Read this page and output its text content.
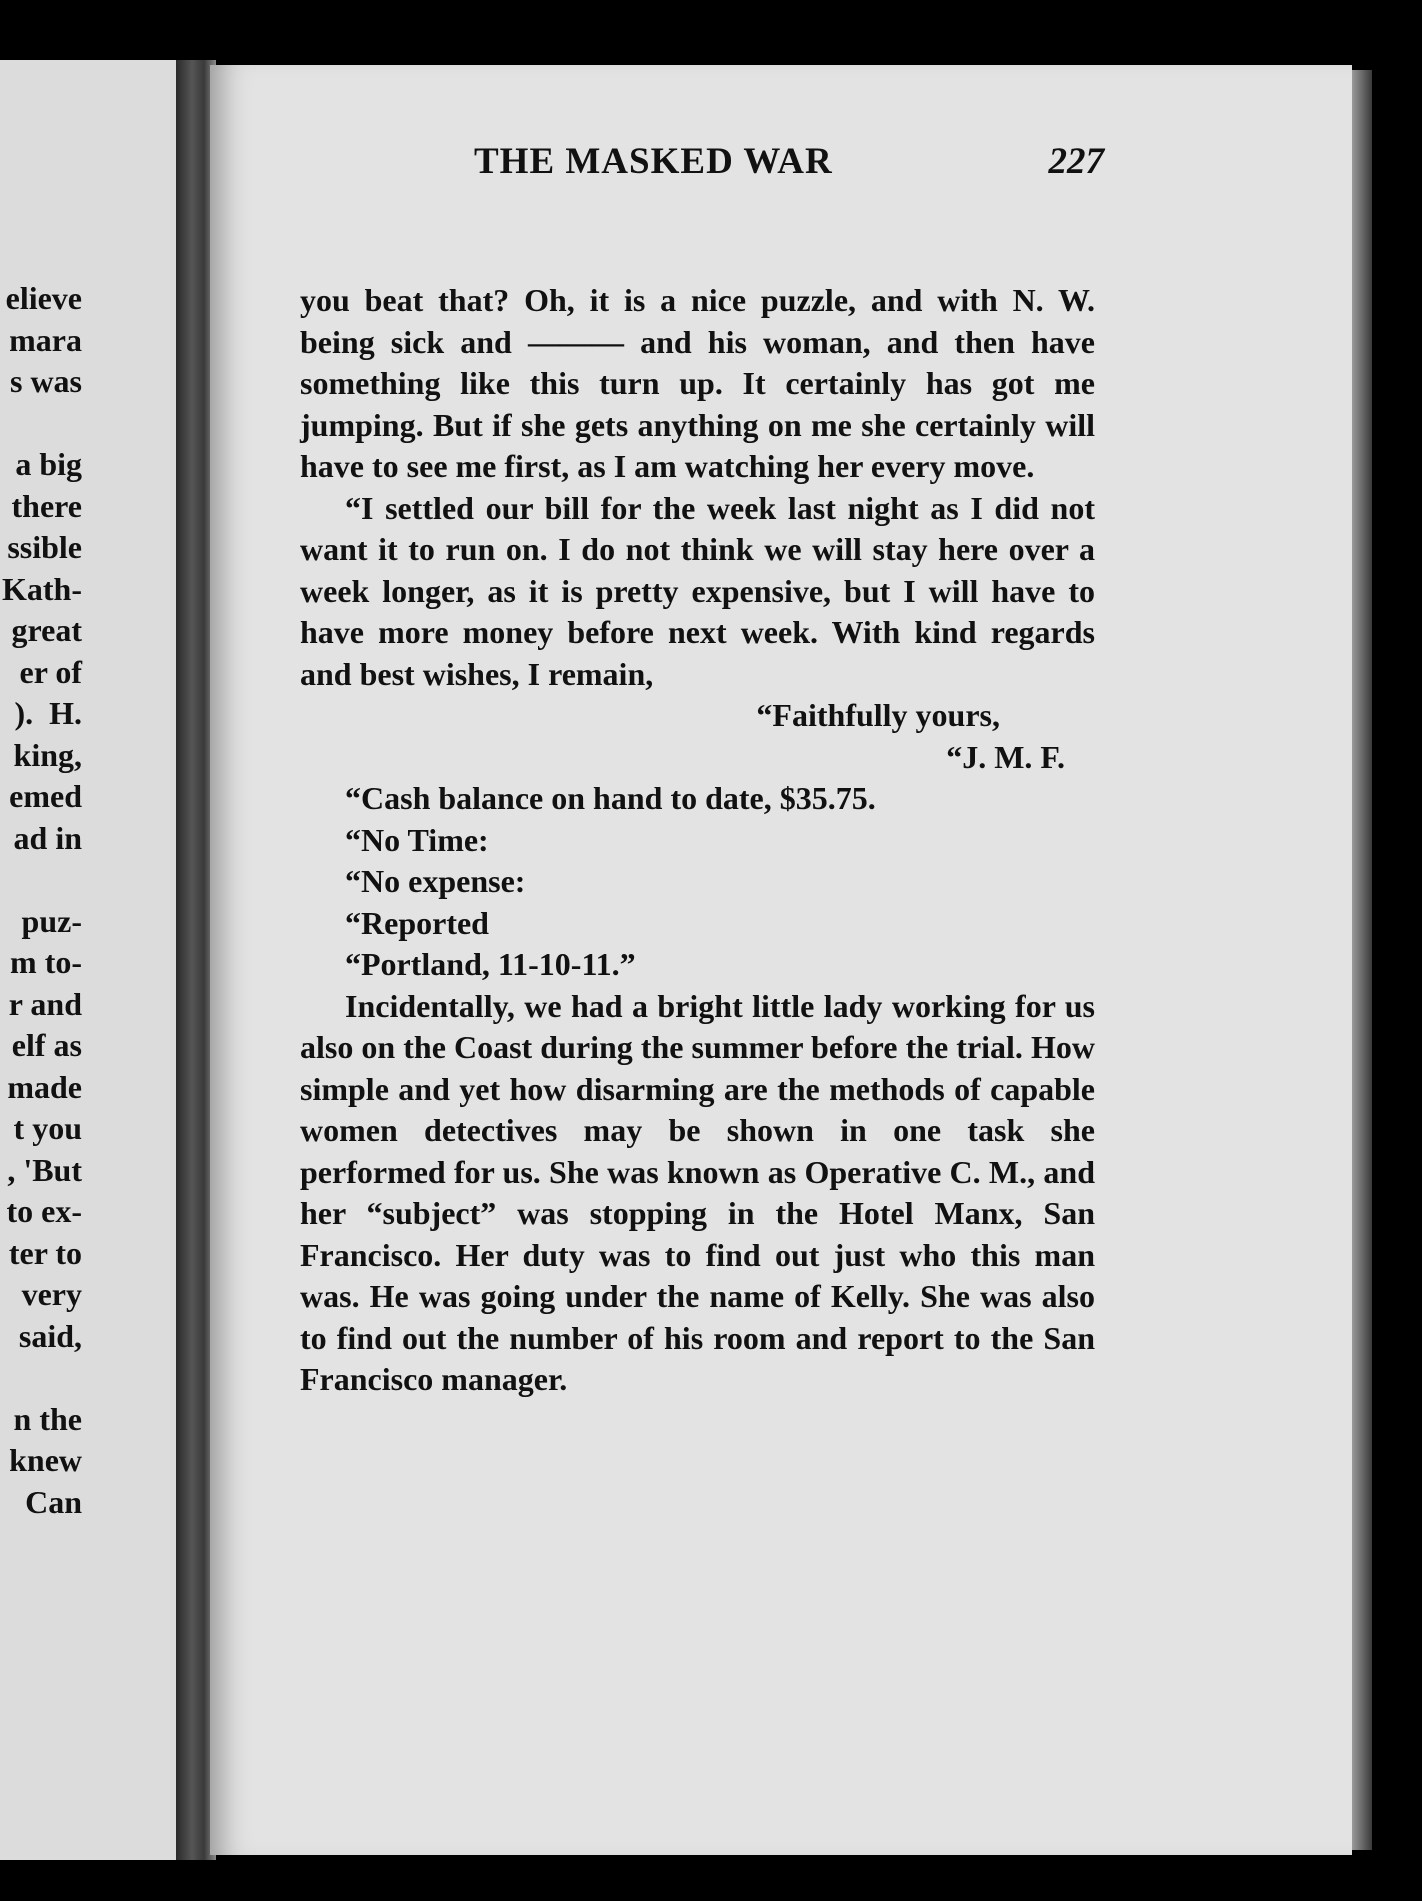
elieve
mara
s was

a big
there
ssible
Kath-
great
er of
).  H.
king,
emed
ad in

puz-
m to-
r and
elf as
made
t you
, 'But
to ex-
ter to
very
said,

n the
knew
Can
THE MASKED WAR	227

you beat that? Oh, it is a nice puzzle, and with N. W. being sick and ——— and his woman, and then have something like this turn up. It certainly has got me jumping. But if she gets anything on me she certainly will have to see me first, as I am watching her every move.

“I settled our bill for the week last night as I did not want it to run on. I do not think we will stay here over a week longer, as it is pretty expensive, but I will have to have more money before next week. With kind regards and best wishes, I remain,

“Faithfully yours,

“J. M. F.

“Cash balance on hand to date, $35.75.

“No Time:

“No expense:

“Reported

“Portland, 11-10-11.”

Incidentally, we had a bright little lady working for us also on the Coast during the summer before the trial. How simple and yet how disarming are the methods of capable women detectives may be shown in one task she performed for us. She was known as Operative C. M., and her “subject” was stopping in the Hotel Manx, San Francisco. Her duty was to find out just who this man was. He was going under the name of Kelly. She was also to find out the number of his room and report to the San Francisco manager.
